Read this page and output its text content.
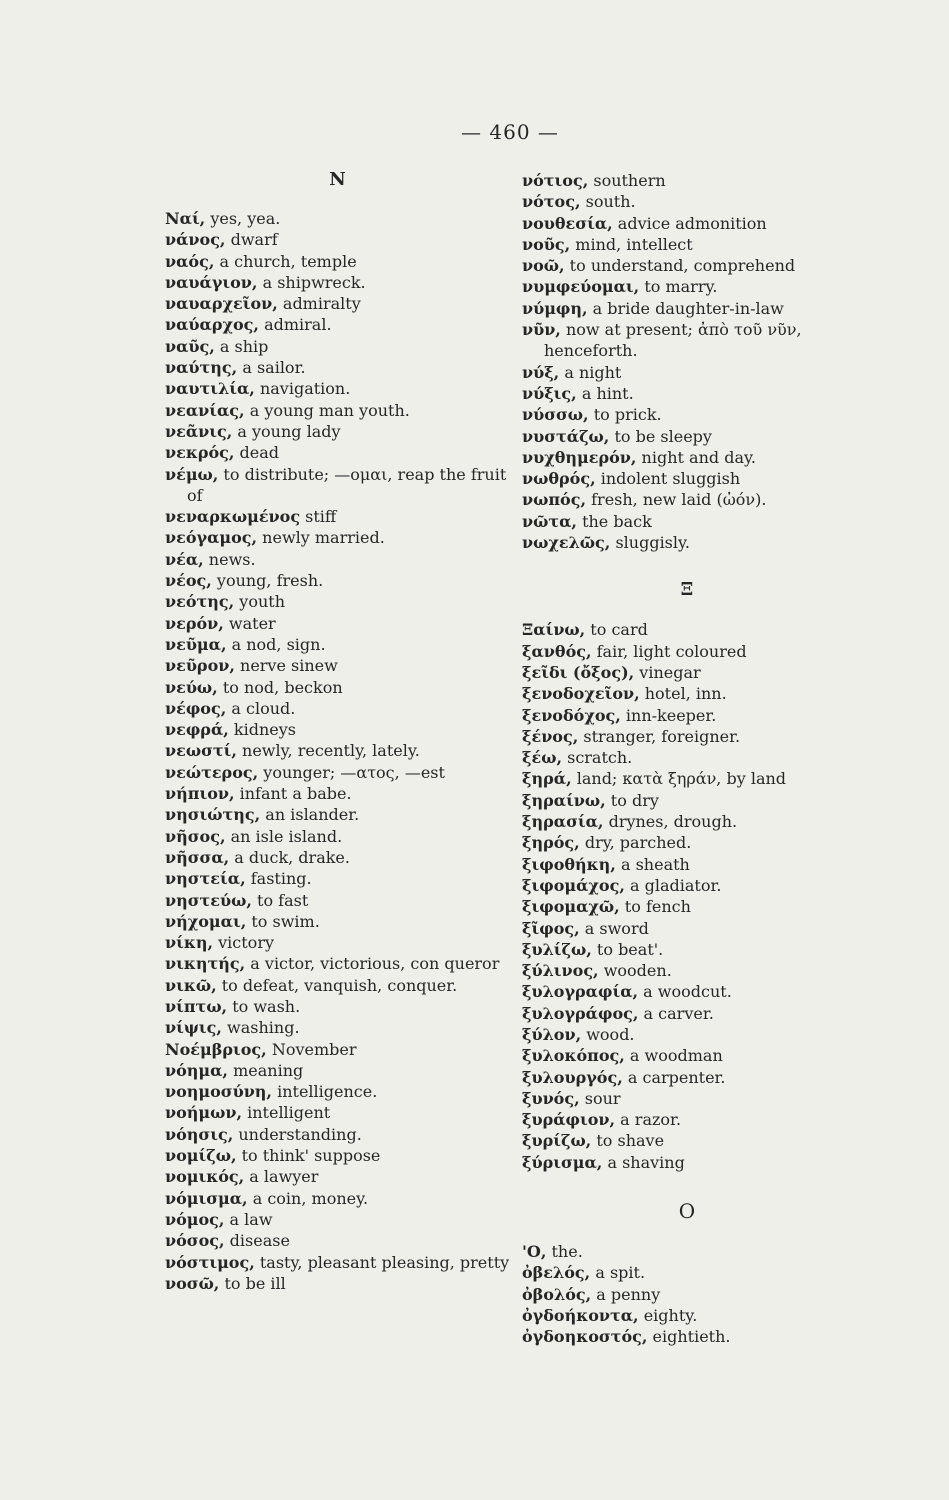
— 460 —
N
Ναί, yes, yea.
νάνος, dwarf
ναός, a church, temple
ναυάγιον, a shipwreck.
ναυαρχεῖον, admiralty
ναύαρχος, admiral.
ναῦς, a ship
ναύτης, a sailor.
ναυτιλία, navigation.
νεανίας, a young man youth.
νεᾶνις, a young lady
νεκρός, dead
νέμω, to distribute; —ομαι, reap the fruit of
νεναρκωμένος stiff
νεόγαμος, newly married.
νέα, news.
νέος, young, fresh.
νεότης, youth
νερόν, water
νεῦμα, a nod, sign.
νεῦρον, nerve sinew
νεύω, to nod, beckon
νέφος, a cloud.
νεφρά, kidneys
νεωστί, newly, recently, lately.
νεώτερος, younger; —ατος, —est
νήπιον, infant a babe.
νησιώτης, an islander.
νῆσος, an isle island.
νῆσσα, a duck, drake.
νηστεία, fasting.
νηστεύω, to fast
νήχομαι, to swim.
νίκη, victory
νικητής, a victor, victorious, con queror
νικῶ, to defeat, vanquish, conquer.
νίπτω, to wash.
νίψις, washing.
Νοέμβριος, November
νόημα, meaning
νοημοσύνη, intelligence.
νοήμων, intelligent
νόησις, understanding.
νομίζω, to think' suppose
νομικός, a lawyer
νόμισμα, a coin, money.
νόμος, a law
νόσος, disease
νόστιμος, tasty, pleasant pleasing, pretty
νοσῶ, to be ill
νότιος, southern
νότος, south.
νουθεσία, advice admonition
νοῦς, mind, intellect
νοῶ, to understand, comprehend
νυμφεύομαι, to marry.
νύμφη, a bride daughter-in-law
νῦν, now at present; ἀπὸ τοῦ νῦν, henceforth.
νύξ, a night
νύξις, a hint.
νύσσω, to prick.
νυστάζω, to be sleepy
νυχθημερόν, night and day.
νωθρός, indolent sluggish
νωπός, fresh, new laid (ὠόν).
νῶτα, the back
νωχελῶς, sluggisly.
Ξ
Ξαίνω, to card
ξανθός, fair, light coloured
ξεῖδι (ὄξος), vinegar
ξενοδοχεῖον, hotel, inn.
ξενοδόχος, inn-keeper.
ξένος, stranger, foreigner.
ξέω, scratch.
ξηρά, land; κατὰ ξηράν, by land
ξηραίνω, to dry
ξηρασία, drynes, drough.
ξηρός, dry, parched.
ξιφοθήκη, a sheath
ξιφομάχος, a gladiator.
ξιφομαχῶ, to fench
ξῖφος, a sword
ξυλίζω, to beat'.
ξύλινος, wooden.
ξυλογραφία, a woodcut.
ξυλογράφος, a carver.
ξύλον, wood.
ξυλοκόπος, a woodman
ξυλουργός, a carpenter.
ξυνός, sour
ξυράφιον, a razor.
ξυρίζω, to shave
ξύρισμα, a shaving
O
'Ο, the.
ὀβελός, a spit.
ὀβολός, a penny
ὀγδοήκοντα, eighty.
ὀγδοηκοστός, eightieth.
